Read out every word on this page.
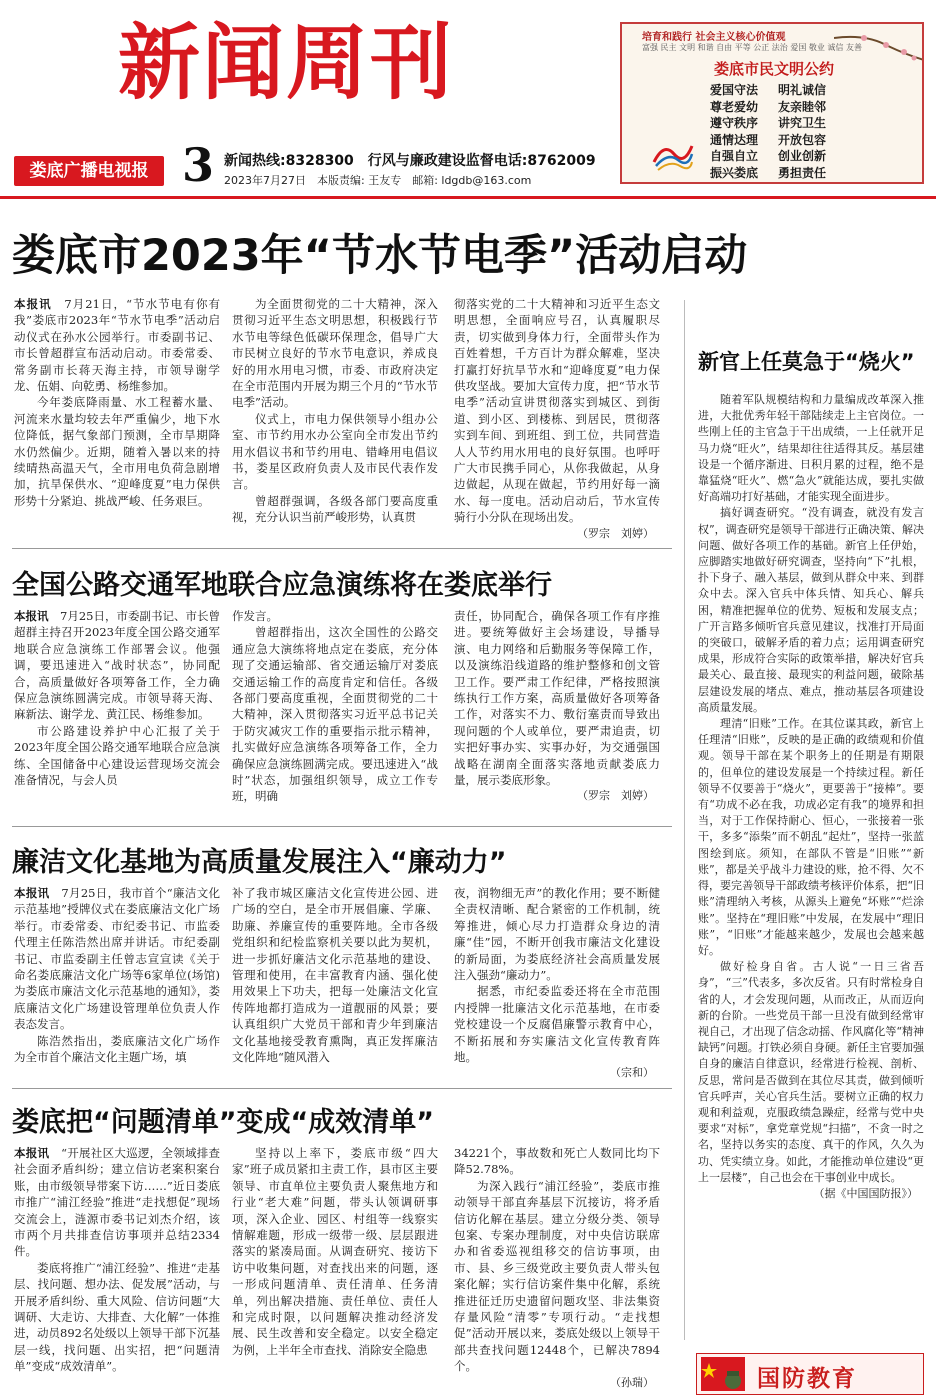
新闻周刊
娄底广播电视报 3 新闻热线:8328300　行风与廉政建设监督电话:8762009
2023年7月27日　本版责编: 王友专　邮箱: ldgdb@163.com
培育和践行 社会主义核心价值观
富强 民主 文明 和谐 自由 平等 公正 法治 爱国 敬业 诚信 友善
娄底市民文明公约
爱国守法 明礼诚信
尊老爱幼 友亲睦邻
遵守秩序 讲究卫生
通情达理 开放包容
自强自立 创业创新
振兴娄底 勇担责任
娄底市2023年“节水节电季”活动启动

本报讯　 7月21日，“节水节电有你有我”娄底市2023年“节水节电季”活动启动仪式在孙水公园举行。市委副书记、市长曾超群宣布活动启动。市委常委、常务副市长蒋天海主持，市领导谢学龙、伍娟、向乾勇、杨维参加。

今年娄底降雨量、水工程蓄水量、河流来水量均较去年严重偏少，地下水位降低，据气象部门预测，全市旱期降水仍然偏少。近期，随着入暑以来的持续晴热高温天气，全市用电负荷急剧增加，抗旱保供水、“迎峰度夏”电力保供形势十分紧迫、挑战严峻、任务艰巨。

为全面贯彻党的二十大精神，深入贯彻习近平生态文明思想，积极践行节水节电等绿色低碳环保理念，倡导广大市民树立良好的节水节电意识，养成良好的用水用电习惯，市委、市政府决定在全市范围内开展为期三个月的“节水节电季”活动。

仪式上，市电力保供领导小组办公室、市节约用水办公室向全市发出节约用水倡议书和节约用电、错峰用电倡议书，娄星区政府负责人及市民代表作发言。

曾超群强调，各级各部门要高度重视，充分认识当前严峻形势，认真贯

彻落实党的二十大精神和习近平生态文明思想，全面响应号召，认真履职尽责，切实做到身体力行，全面带头作为百姓着想，千方百计为群众解难，坚决打赢打好抗旱节水和“迎峰度夏”电力保供攻坚战。要加大宣传力度，把“节水节电季”活动宣讲贯彻落实到城区、到街道、到小区、到楼栋、到居民，贯彻落实到车间、到班组、到工位，共同营造人人节约用水用电的良好氛围。也呼吁广大市民携手同心，从你我做起，从身边做起，从现在做起，节约用好每一滴水、每一度电。活动启动后，节水宣传骑行小分队在现场出发。

（罗宗　刘婷）
全国公路交通军地联合应急演练将在娄底举行

本报讯　 7月25日，市委副书记、市长曾超群主持召开2023年度全国公路交通军地联合应急演练工作部署会议。他强调，要迅速进入“战时状态”，协同配合，高质量做好各项筹备工作，全力确保应急演练圆满完成。市领导蒋天海、麻新法、谢学龙、黄江民、杨维参加。

市公路建设养护中心汇报了关于2023年度全国公路交通军地联合应急演练、全国储备中心建设运营现场交流会准备情况，与会人员

作发言。

曾超群指出，这次全国性的公路交通应急大演练将地点定在娄底，充分体现了交通运输部、省交通运输厅对娄底交通运输工作的高度肯定和信任。各级各部门要高度重视，全面贯彻党的二十大精神，深入贯彻落实习近平总书记关于防灾减灾工作的重要指示批示精神，扎实做好应急演练各项筹备工作，全力确保应急演练圆满完成。要迅速进入“战时”状态，加强组织领导，成立工作专班，明确

责任，协同配合，确保各项工作有序推进。要统筹做好主会场建设，导播导演、电力网络和后勤服务等保障工作，以及演练沿线道路的维护整修和创文管卫工作。要严肃工作纪律，严格按照演练执行工作方案，高质量做好各项筹备工作，对落实不力、敷衍塞责而导致出现问题的个人或单位，要严肃追责，切实把好事办实、实事办好，为交通强国战略在湖南全面落实落地贡献娄底力量，展示娄底形象。

（罗宗　刘婷）
廉洁文化基地为高质量发展注入“廉动力”

本报讯　 7月25日，我市首个“廉洁文化示范基地”授牌仪式在娄底廉洁文化广场举行。市委常委、市纪委书记、市监委代理主任陈浩然出席并讲话。市纪委副书记、市监委副主任曾志宣宣读《关于命名娄底廉洁文化广场等6家单位(场馆)为娄底市廉洁文化示范基地的通知》，娄底廉洁文化广场建设管理单位负责人作表态发言。

陈浩然指出，娄底廉洁文化广场作为全市首个廉洁文化主题广场，填

补了我市城区廉洁文化宣传进公园、进广场的空白，是全市开展倡廉、学廉、助廉、养廉宣传的重要阵地。全市各级党组织和纪检监察机关要以此为契机，进一步抓好廉洁文化示范基地的建设、管理和使用，在丰富教育内涵、强化使用效果上下功夫，把每一处廉洁文化宣传阵地都打造成为一道靓丽的风景；要认真组织广大党员干部和青少年到廉洁文化基地接受教育熏陶，真正发挥廉洁文化阵地“随风潜入

夜，润物细无声”的教化作用；要不断健全责权清晰、配合紧密的工作机制，统筹推进，倾心尽力打造群众身边的清廉“佳”园，不断开创我市廉洁文化建设的新局面，为娄底经济社会高质量发展注入强劲“廉动力”。

据悉，市纪委监委还将在全市范围内授牌一批廉洁文化示范基地，在市委党校建设一个反腐倡廉警示教育中心，不断拓展和夯实廉洁文化宣传教育阵地。

（宗和）
娄底把“问题清单”变成“成效清单”

本报讯　 “开展社区大巡逻，全领域排查社会面矛盾纠纷；建立信访老案积案台账，由市级领导带案下访……”近日娄底市推广“浦江经验”推进“走找想促”现场交流会上，涟源市委书记刘杰介绍，该市两个月共排查信访事项并总结2334件。

娄底将推广“浦江经验”、推进“走基层、找问题、想办法、促发展”活动，与开展矛盾纠纷、重大风险、信访问题“大调研、大走访、大排查、大化解”一体推进，动员892名处级以上领导干部下沉基层一线，找问题、出实招，把“问题清单”变成“成效清单”。

坚持以上率下，娄底市级“四大家”班子成员紧扣主责工作，县市区主要领导、市直单位主要负责人聚焦地方和行业“老大难”问题，带头认领调研事项，深入企业、园区、村组等一线察实情解难题，形成一级带一级、层层跟进落实的紧凑局面。从调查研究、接访下访中收集问题，对查找出来的问题，逐一形成问题清单、责任清单、任务清单，列出解决措施、责任单位、责任人和完成时限，以问题解决推动经济发展、民生改善和安全稳定。以安全稳定为例，上半年全市查找、消除安全隐患

34221个，事故数和死亡人数同比均下降52.78%。

为深入践行“浦江经验”，娄底市推动领导干部直奔基层下沉接访，将矛盾信访化解在基层。建立分级分类、领导包案、专案办理制度，对中央信访联席办和省委巡视组移交的信访事项，由市、县、乡三级党政主要负责人带头包案化解；实行信访案件集中化解，系统推进征迁历史遗留问题攻坚、非法集资存量风险“清零”专项行动。“走找想促”活动开展以来，娄底处级以上领导干部共查找问题12448个，已解决7894个。

（孙瑞）
新官上任莫急于“烧火”

随着军队规模结构和力量编成改革深入推进，大批优秀年轻干部陆续走上主官岗位。一些刚上任的主官急于干出成绩，一上任就开足马力烧“旺火”，结果却往往适得其反。基层建设是一个循序渐进、日积月累的过程，绝不是靠猛烧“旺火”、燃“急火”就能达成，要扎实做好高端功打好基础，才能实现全面进步。

搞好调查研究。“没有调查，就没有发言权”，调查研究是领导干部进行正确决策、解决问题、做好各项工作的基础。新官上任伊始，应脚踏实地做好研究调查，坚持向“下”扎根，扑下身子、融入基层，做到从群众中来、到群众中去。深入官兵中体兵情、知兵心、解兵困，精准把握单位的优势、短板和发展支点；广开言路多倾听官兵意见建议，找准打开局面的突破口，破解矛盾的着力点；运用调查研究成果，形成符合实际的政策举措，解决好官兵最关心、最直接、最现实的利益问题，破除基层建设发展的堵点、难点，推动基层各项建设高质量发展。

理清“旧账”工作。在其位谋其政，新官上任理清“旧账”，反映的是正确的政绩观和价值观。领导干部在某个职务上的任期是有期限的，但单位的建设发展是一个持续过程。新任领导不仅要善于“烧火”，更要善于“接棒”。要有“功成不必在我，功成必定有我”的境界和担当，对于工作保持耐心、恒心，一张接着一张干，多多“添柴”而不朝乱“起灶”，坚持一张蓝图绘到底。须知，在部队不管是“旧账”“新账”，都是关乎战斗力建设的账，抢不得、欠不得，要完善领导干部政绩考核评价体系，把“旧账”清理纳入考核，从源头上避免“坏账”“烂涂账”。坚持在“理旧账”中发展，在发展中“理旧账”，“旧账”才能越来越少，发展也会越来越好。

做好检身自省。古人说“一日三省吾身”，“三”代表多，多次反省。只有时常检身自省的人，才会发现问题，从而改正，从而迈向新的台阶。一些党员干部一旦没有做到经常审视自己，才出现了信念动摇、作风腐化等“精神缺钙”问题。打铁必须自身硬。新任主官要加强自身的廉洁自律意识，经常进行检视、剖析、反思，常问是否做到在其位尽其责，做到倾听官兵呼声，关心官兵生活。要树立正确的权力观和利益观，克服政绩急躁症，经常与党中央要求“对标”，拿党章党规“扫描”，不贪一时之名，坚持以务实的态度、真干的作风，久久为功、凭实绩立身。如此，才能推动单位建设“更上一层楼”，自己也会在干事创业中成长。

（据《中国国防报》）
国防教育
